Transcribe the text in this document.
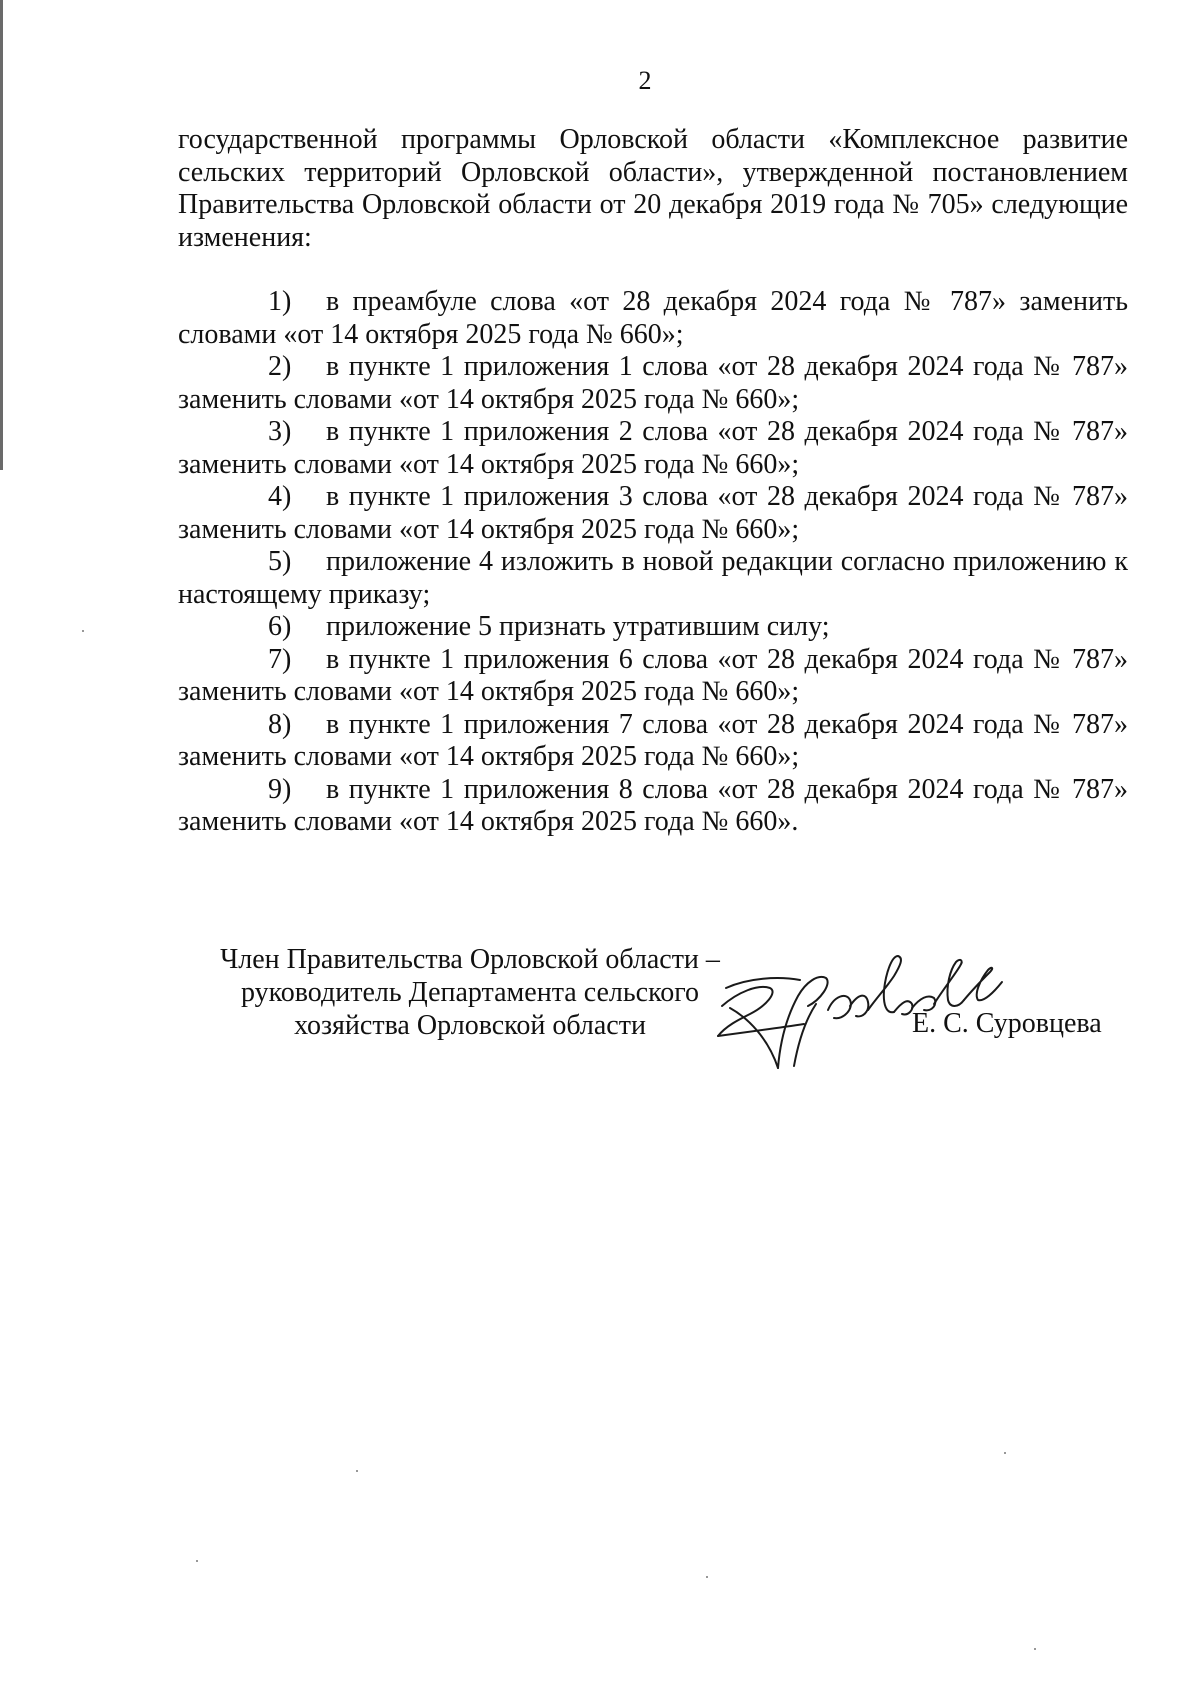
2

государственной программы Орловской области «Комплексное развитие сельских территорий Орловской области», утвержденной постановлением Правительства Орловской области от 20 декабря 2019 года № 705» следующие изменения:

1) в преамбуле слова «от 28 декабря 2024 года № 787» заменить словами «от 14 октября 2025 года № 660»;

2) в пункте 1 приложения 1 слова «от 28 декабря 2024 года № 787» заменить словами «от 14 октября 2025 года № 660»;

3) в пункте 1 приложения 2 слова «от 28 декабря 2024 года № 787» заменить словами «от 14 октября 2025 года № 660»;

4) в пункте 1 приложения 3 слова «от 28 декабря 2024 года № 787» заменить словами «от 14 октября 2025 года № 660»;

5) приложение 4 изложить в новой редакции согласно приложению к настоящему приказу;

6) приложение 5 признать утратившим силу;

7) в пункте 1 приложения 6 слова «от 28 декабря 2024 года № 787» заменить словами «от 14 октября 2025 года № 660»;

8) в пункте 1 приложения 7 слова «от 28 декабря 2024 года № 787» заменить словами «от 14 октября 2025 года № 660»;

9) в пункте 1 приложения 8 слова «от 28 декабря 2024 года № 787» заменить словами «от 14 октября 2025 года № 660».

Член Правительства Орловской области –
руководитель Департамента сельского
хозяйства Орловской области	Е. С. Суровцева
